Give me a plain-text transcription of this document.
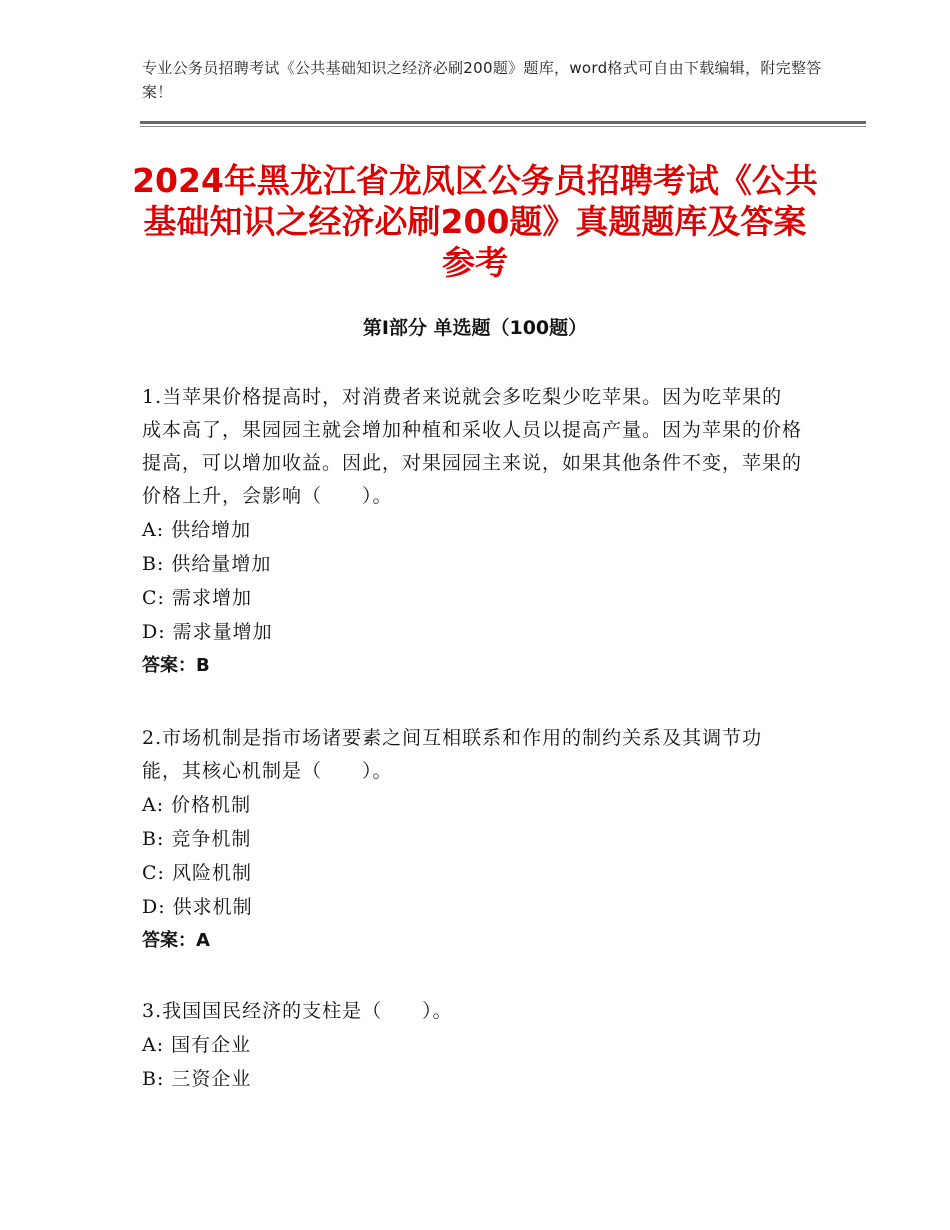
专业公务员招聘考试《公共基础知识之经济必刷200题》题库，word格式可自由下载编辑，附完整答案！
2024年黑龙江省龙凤区公务员招聘考试《公共基础知识之经济必刷200题》真题题库及答案参考
第I部分 单选题（100题）

1.当苹果价格提高时，对消费者来说就会多吃梨少吃苹果。因为吃苹果的成本高了，果园园主就会增加种植和采收人员以提高产量。因为苹果的价格提高，可以增加收益。因此，对果园园主来说，如果其他条件不变，苹果的价格上升，会影响（　　）。

A: 供给增加

B: 供给量增加

C: 需求增加

D: 需求量增加

答案：B

2.市场机制是指市场诸要素之间互相联系和作用的制约关系及其调节功能，其核心机制是（　　）。

A: 价格机制

B: 竞争机制

C: 风险机制

D: 供求机制

答案：A

3.我国国民经济的支柱是（　　）。

A: 国有企业

B: 三资企业
